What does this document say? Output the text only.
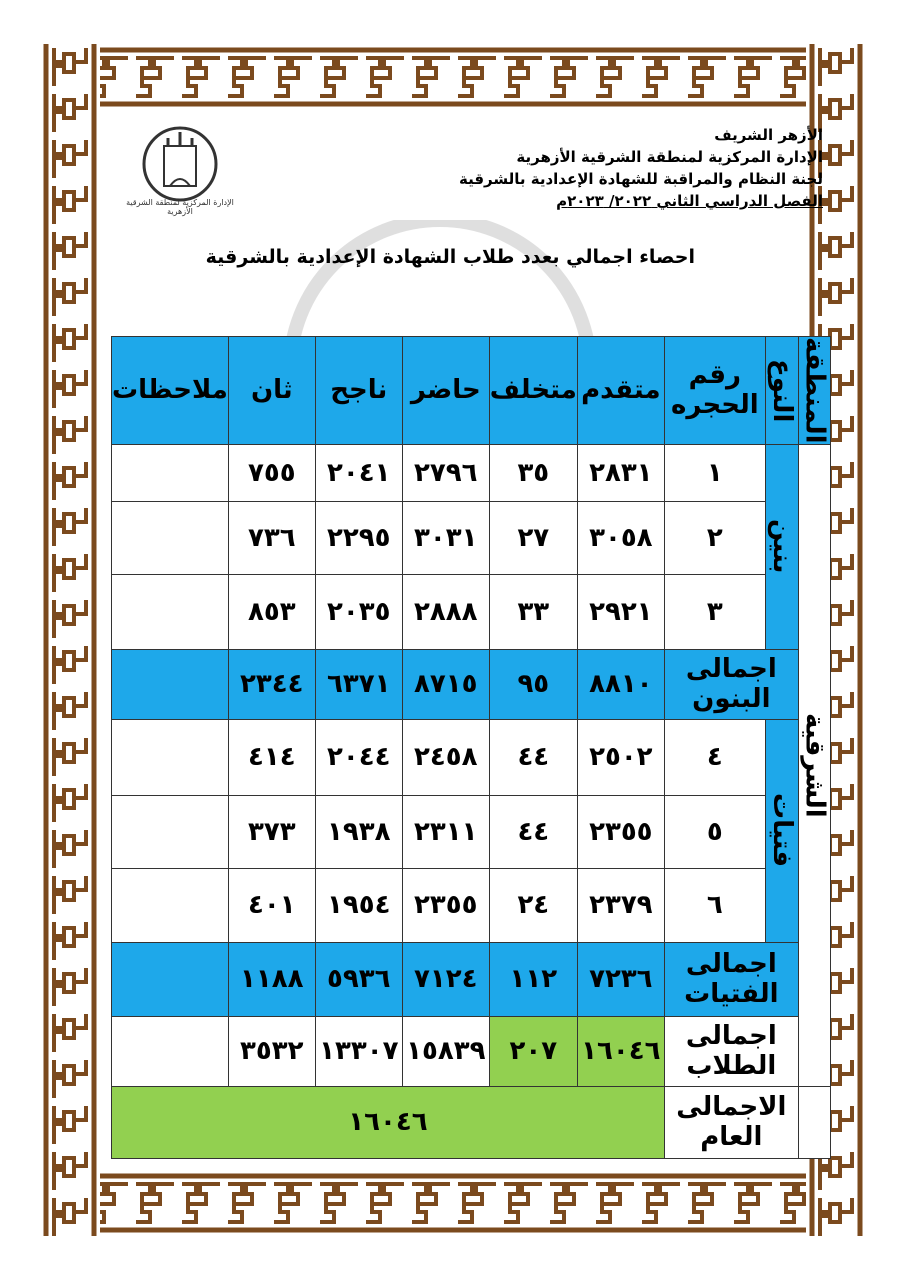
الأزهر الشريف
الإدارة المركزية لمنطقة الشرقية الأزهرية
لجنة النظام والمراقبة للشهادة الإعدادية بالشرقية
الفصل الدراسي الثاني ٢٠٢٢/ ٢٠٢٣م
الإدارة المركزية لمنطقة الشرقية الأزهرية
احصاء اجمالي بعدد طلاب الشهادة الإعدادية بالشرقية
المنطقة	النوع	رقم الحجره	متقدم	متخلف	حاضر	ناجح	ثان	ملاحظات
الشرقية	بنين	١	٢٨٣١	٣٥	٢٧٩٦	٢٠٤١	٧٥٥	
		٢	٣٠٥٨	٢٧	٣٠٣١	٢٢٩٥	٧٣٦	
		٣	٢٩٢١	٣٣	٢٨٨٨	٢٠٣٥	٨٥٣	
	اجمالى البنون		٨٨١٠	٩٥	٨٧١٥	٦٣٧١	٢٣٤٤	
	فتيات	٤	٢٥٠٢	٤٤	٢٤٥٨	٢٠٤٤	٤١٤	
		٥	٢٣٥٥	٤٤	٢٣١١	١٩٣٨	٣٧٣	
		٦	٢٣٧٩	٢٤	٢٣٥٥	١٩٥٤	٤٠١	
	اجمالى الفتيات		٧٢٣٦	١١٢	٧١٢٤	٥٩٣٦	١١٨٨	
	اجمالى الطلاب		١٦٠٤٦	٢٠٧	١٥٨٣٩	١٣٣٠٧	٣٥٣٢	
	الاجمالى العام		١٦٠٤٦					
